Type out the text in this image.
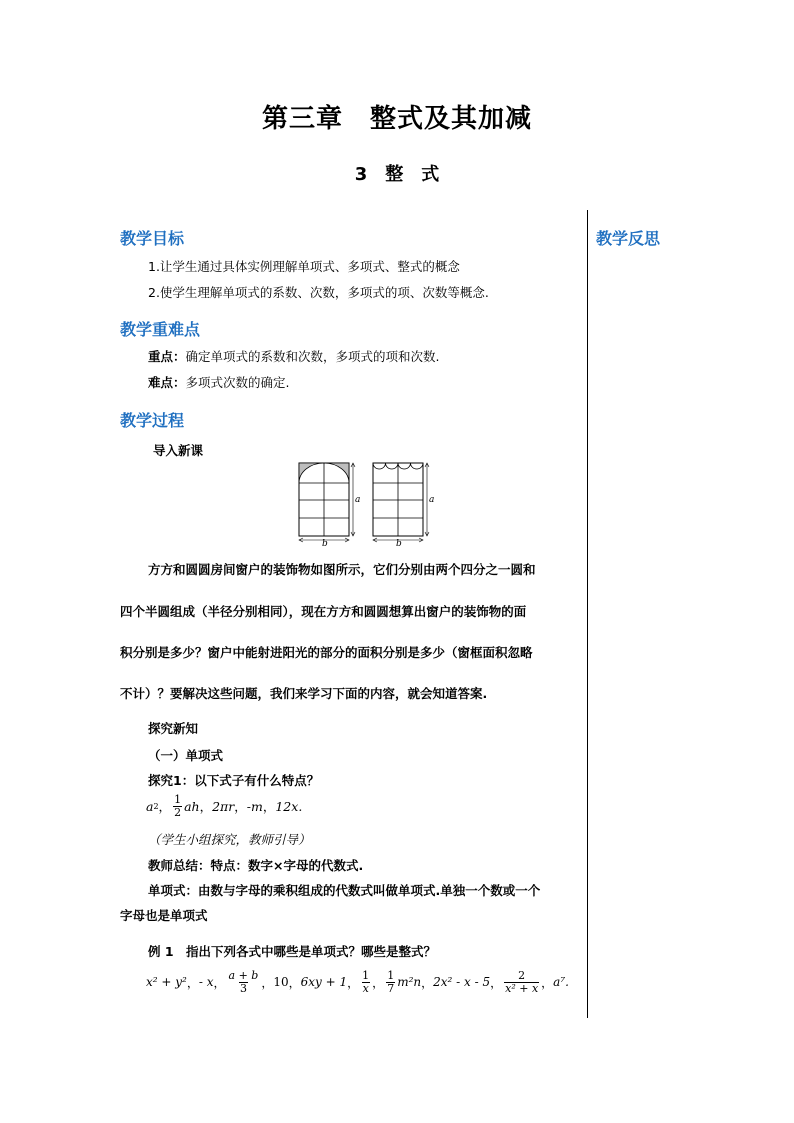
第三章　整式及其加减
3　整　式
教学反思
教学目标
1.让学生通过具体实例理解单项式、多项式、整式的概念
2.使学生理解单项式的系数、次数，多项式的项、次数等概念.
教学重难点
重点：确定单项式的系数和次数，多项式的项和次数.
难点：多项式次数的确定.
教学过程
导入新课
a
b
a
b
方方和圆圆房间窗户的装饰物如图所示，它们分别由两个四分之一圆和
四个半圆组成（半径分别相同），现在方方和圆圆想算出窗户的装饰物的面
积分别是多少？窗户中能射进阳光的部分的面积分别是多少（窗框面积忽略
不计）？要解决这些问题，我们来学习下面的内容，就会知道答案.
探究新知
（一）单项式
探究1：以下式子有什么特点？
a 2 ， $\frac{1}{2}$ ah ， 2πr ， -m ， 12x.
（学生小组探究，教师引导）
教师总结：特点：数字×字母的代数式.
单项式：由数与字母的乘积组成的代数式叫做单项式.单独一个数或一个
字母也是单项式
例 1　指出下列各式中哪些是单项式？哪些是整式？
x² + y² ， - x ， $\frac{a + b}{3}$ ， 10 ， 6xy + 1 ， $\frac{1}{x}$ ， $\frac{1}{7} m^2n$ ， 2x² - x - 5 ， $\frac{2}{\text{x² + x}}$ ， a⁷.
